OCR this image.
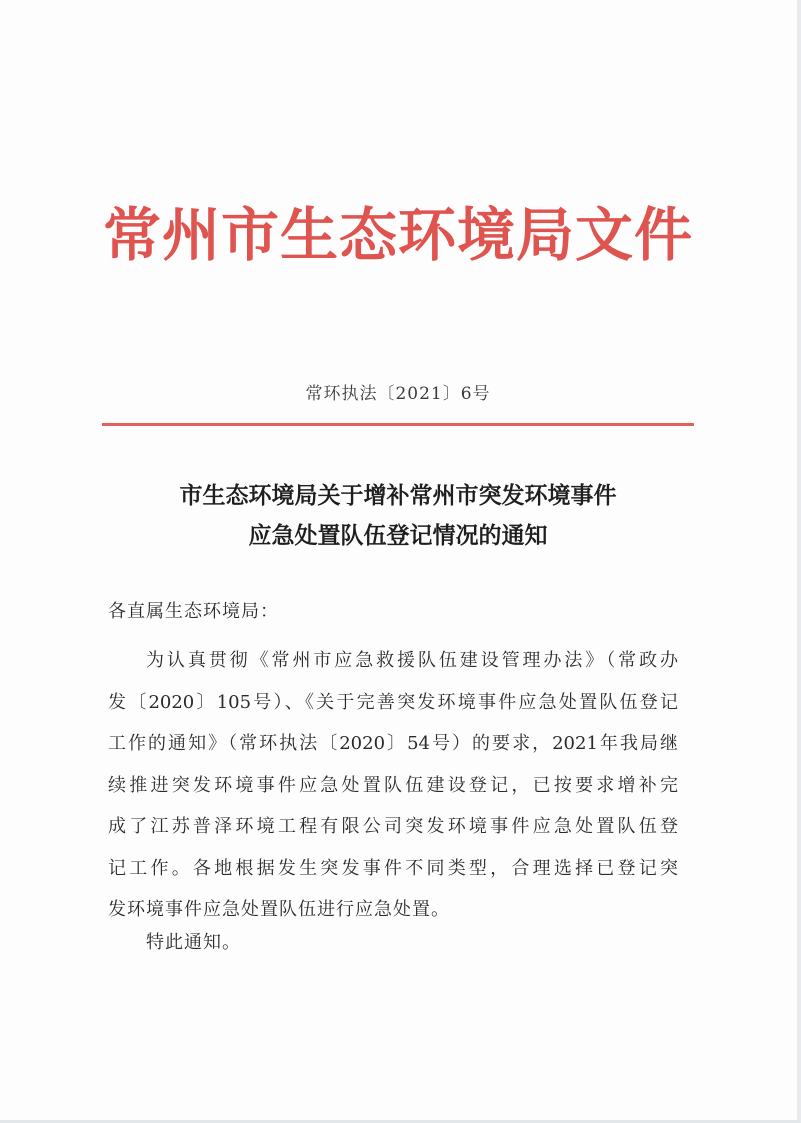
常州市生态环境局文件
常环执法〔2021〕6号
市生态环境局关于增补常州市突发环境事件
应急处置队伍登记情况的通知
各直属生态环境局：
为认真贯彻《常州市应急救援队伍建设管理办法》（常政办
发〔2020〕105号）、《关于完善突发环境事件应急处置队伍登记
工作的通知》（常环执法〔2020〕54号）的要求，2021年我局继
续推进突发环境事件应急处置队伍建设登记，已按要求增补完
成了江苏普泽环境工程有限公司突发环境事件应急处置队伍登
记工作。各地根据发生突发事件不同类型，合理选择已登记突
发环境事件应急处置队伍进行应急处置。
特此通知。
